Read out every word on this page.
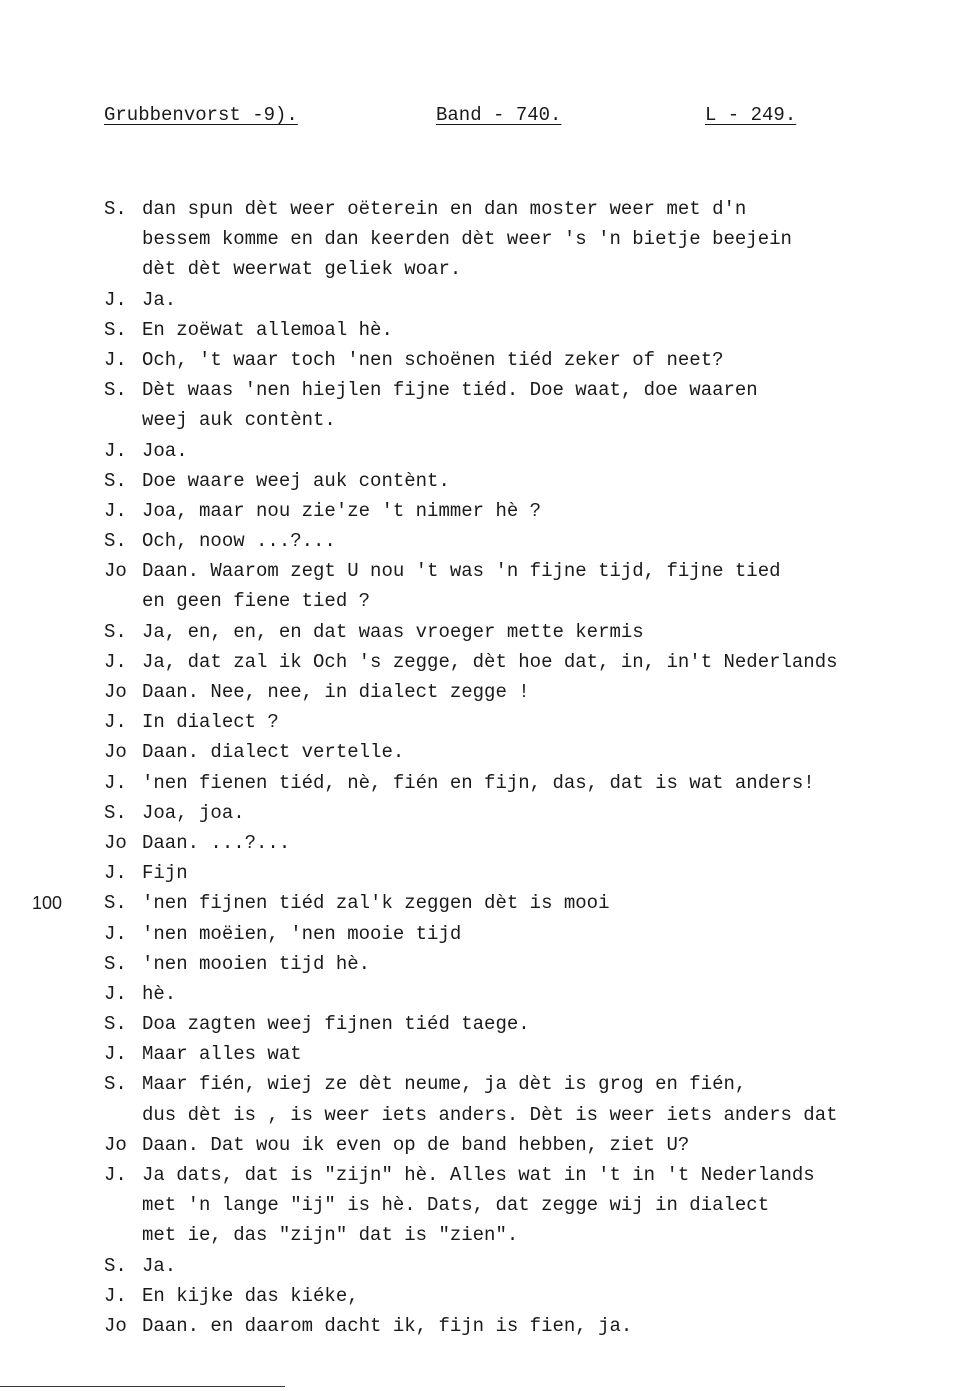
Grubbenvorst -9).	Band - 740.	L - 249.
S. dan spun dèt weer oëterein en dan moster weer met d'n
bessem komme en dan keerden dèt weer 's 'n bietje beejein
dèt dèt weerwat geliek woar.
J. Ja.
S. En zoëwat allemoal hè.
J. Och, 't waar toch 'nen schoënen tiéd zeker of neet?
S. Dèt waas 'nen hiejlen fijne tiéd. Doe waat, doe waaren
weej auk contènt.
J. Joa.
S. Doe waare weej auk contènt.
J. Joa, maar nou zie'ze 't nimmer hè ?
S. Och, noow ...?...
Jo Daan. Waarom zegt U nou 't was 'n fijne tijd, fijne tied
en geen fiene tied ?
S. Ja, en, en, en dat waas vroeger mette kermis
J. Ja, dat zal ik Och 's zegge, dèt hoe dat, in, in't Nederlands
Jo Daan. Nee, nee, in dialect zegge !
J. In dialect ?
Jo Daan. dialect vertelle.
J. 'nen fienen tiéd, nè, fién en fijn, das, dat is wat anders!
S. Joa, joa.
Jo Daan. ...?...
J. Fijn
100 S. 'nen fijnen tiéd zal'k zeggen dèt is mooi
J. 'nen moëien, 'nen mooie tijd
S. 'nen mooien tijd hè.
J. hè.
S. Doa zagten weej fijnen tiéd taege.
J. Maar alles wat
S. Maar fién, wiej ze dèt neume, ja dèt is grog en fién,
dus dèt is , is weer iets anders. Dèt is weer iets anders dat
Jo Daan. Dat wou ik even op de band hebben, ziet U?
J. Ja dats, dat is "zijn" hè. Alles wat in 't in 't Nederlands
met 'n lange "ij" is hè. Dats, dat zegge wij in dialect
met ie, das "zijn" dat is "zien".
S. Ja.
J. En kijke das kiéke,
Jo Daan. en daarom dacht ik, fijn is fien, ja.
